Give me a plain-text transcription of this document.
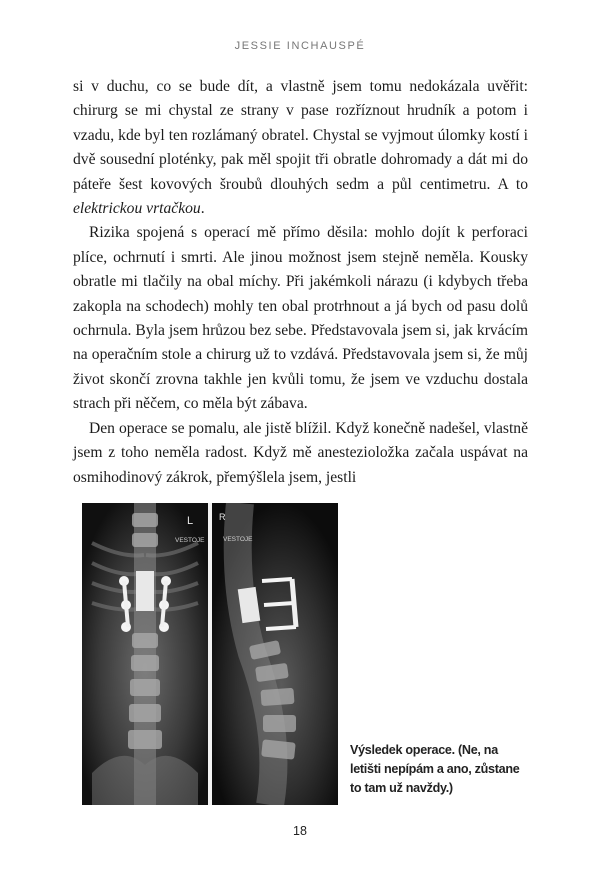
JESSIE INCHAUSPÉ

si v duchu, co se bude dít, a vlastně jsem tomu nedokázala uvěřit: chirurg se mi chystal ze strany v pase rozříznout hrudník a potom i vzadu, kde byl ten rozlámaný obratel. Chystal se vyjmout úlomky kostí i dvě sousední ploténky, pak měl spojit tři obratle dohromady a dát mi do páteře šest kovových šroubů dlouhých sedm a půl centimetru. A to elektrickou vrtačkou.

Rizika spojená s operací mě přímo děsila: mohlo dojít k perforaci plíce, ochrnutí i smrti. Ale jinou možnost jsem stejně neměla. Kousky obratle mi tlačily na obal míchy. Při jakémkoli nárazu (i kdybych třeba zakopla na schodech) mohly ten obal protrhnout a já bych od pasu dolů ochrnula. Byla jsem hrůzou bez sebe. Představovala jsem si, jak krvácím na operačním stole a chirurg už to vzdává. Představovala jsem si, že můj život skončí zrovna takhle jen kvůli tomu, že jsem ve vzduchu dostala strach při něčem, co měla být zábava.

Den operace se pomalu, ale jistě blížil. Když konečně nadešel, vlastně jsem z toho neměla radost. Když mě anestezioložka začala uspávat na osmihodinový zákrok, přemýšlela jsem, jestli

L
VESTOJE
R
VESTOJE
Výsledek operace. (Ne, na letišti nepípám a ano, zůstane to tam už navždy.)
18
